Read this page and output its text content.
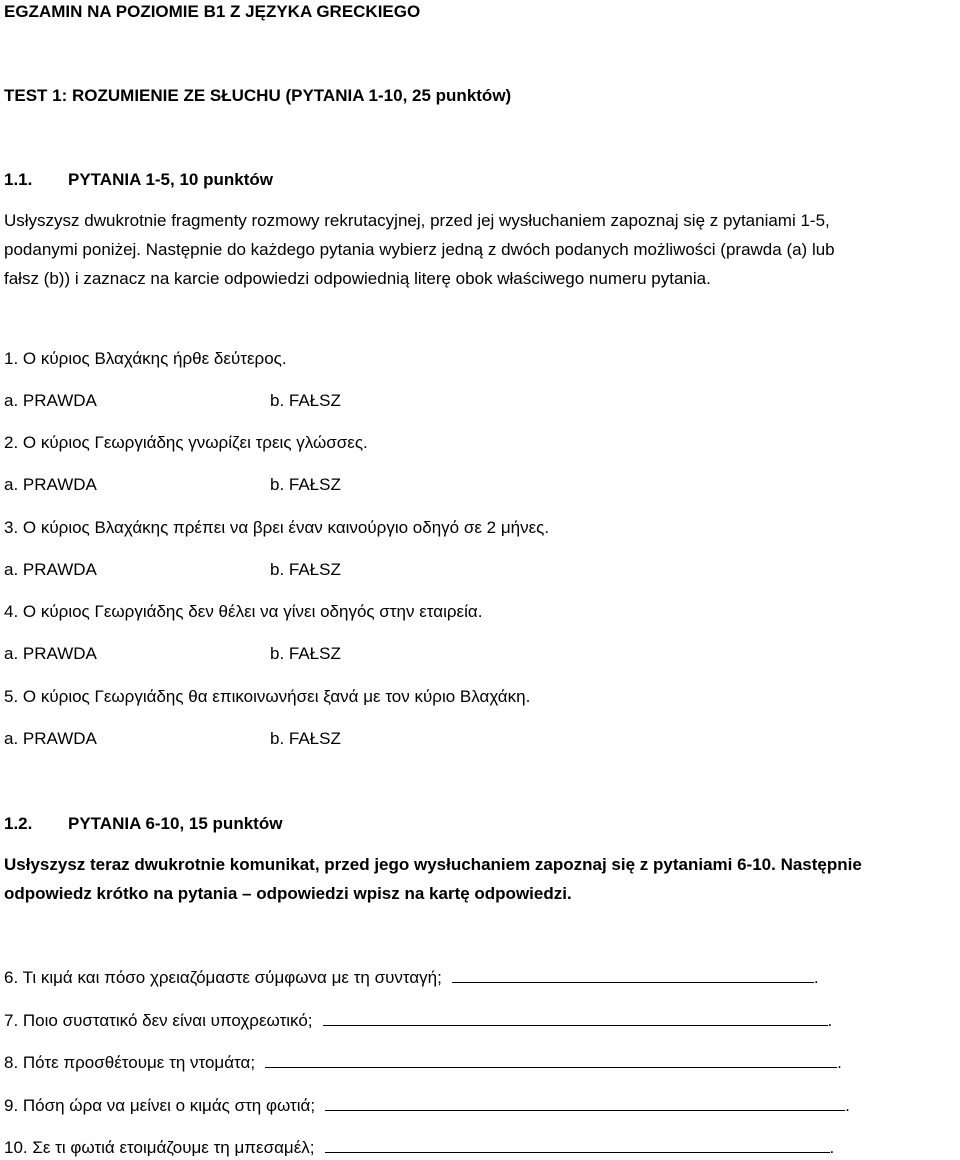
EGZAMIN NA POZIOMIE B1 Z JĘZYKA GRECKIEGO
TEST 1: ROZUMIENIE ZE SŁUCHU (PYTANIA 1-10, 25 punktów)
1.1. PYTANIA 1-5, 10 punktów
Usłyszysz dwukrotnie fragmenty rozmowy rekrutacyjnej, przed jej wysłuchaniem zapoznaj się z pytaniami 1-5,
podanymi poniżej. Następnie do każdego pytania wybierz jedną z dwóch podanych możliwości (prawda (a) lub
fałsz (b)) i zaznacz na karcie odpowiedzi odpowiednią literę obok właściwego numeru pytania.
1. Ο κύριος Βλαχάκης ήρθε δεύτερος.
a. PRAWDA	b. FAŁSZ
2. Ο κύριος Γεωργιάδης γνωρίζει τρεις γλώσσες.
a. PRAWDA	b. FAŁSZ
3. Ο κύριος Βλαχάκης πρέπει να βρει έναν καινούργιο οδηγό σε 2 μήνες.
a. PRAWDA	b. FAŁSZ
4. Ο κύριος Γεωργιάδης δεν θέλει να γίνει οδηγός στην εταιρεία.
a. PRAWDA	b. FAŁSZ
5. Ο κύριος Γεωργιάδης θα επικοινωνήσει ξανά με τον κύριο Βλαχάκη.
a. PRAWDA	b. FAŁSZ
1.2. PYTANIA 6-10, 15 punktów
Usłyszysz teraz dwukrotnie komunikat, przed jego wysłuchaniem zapoznaj się z pytaniami 6-10. Następnie
odpowiedz krótko na pytania – odpowiedzi wpisz na kartę odpowiedzi.
6. Τι κιμά και πόσο χρειαζόμαστε σύμφωνα με τη συνταγή;	.
7. Ποιο συστατικό δεν είναι υποχρεωτικό;	.
8. Πότε προσθέτουμε τη ντομάτα;	.
9. Πόση ώρα να μείνει ο κιμάς στη φωτιά;	.
10. Σε τι φωτιά ετοιμάζουμε τη μπεσαμέλ;	.
